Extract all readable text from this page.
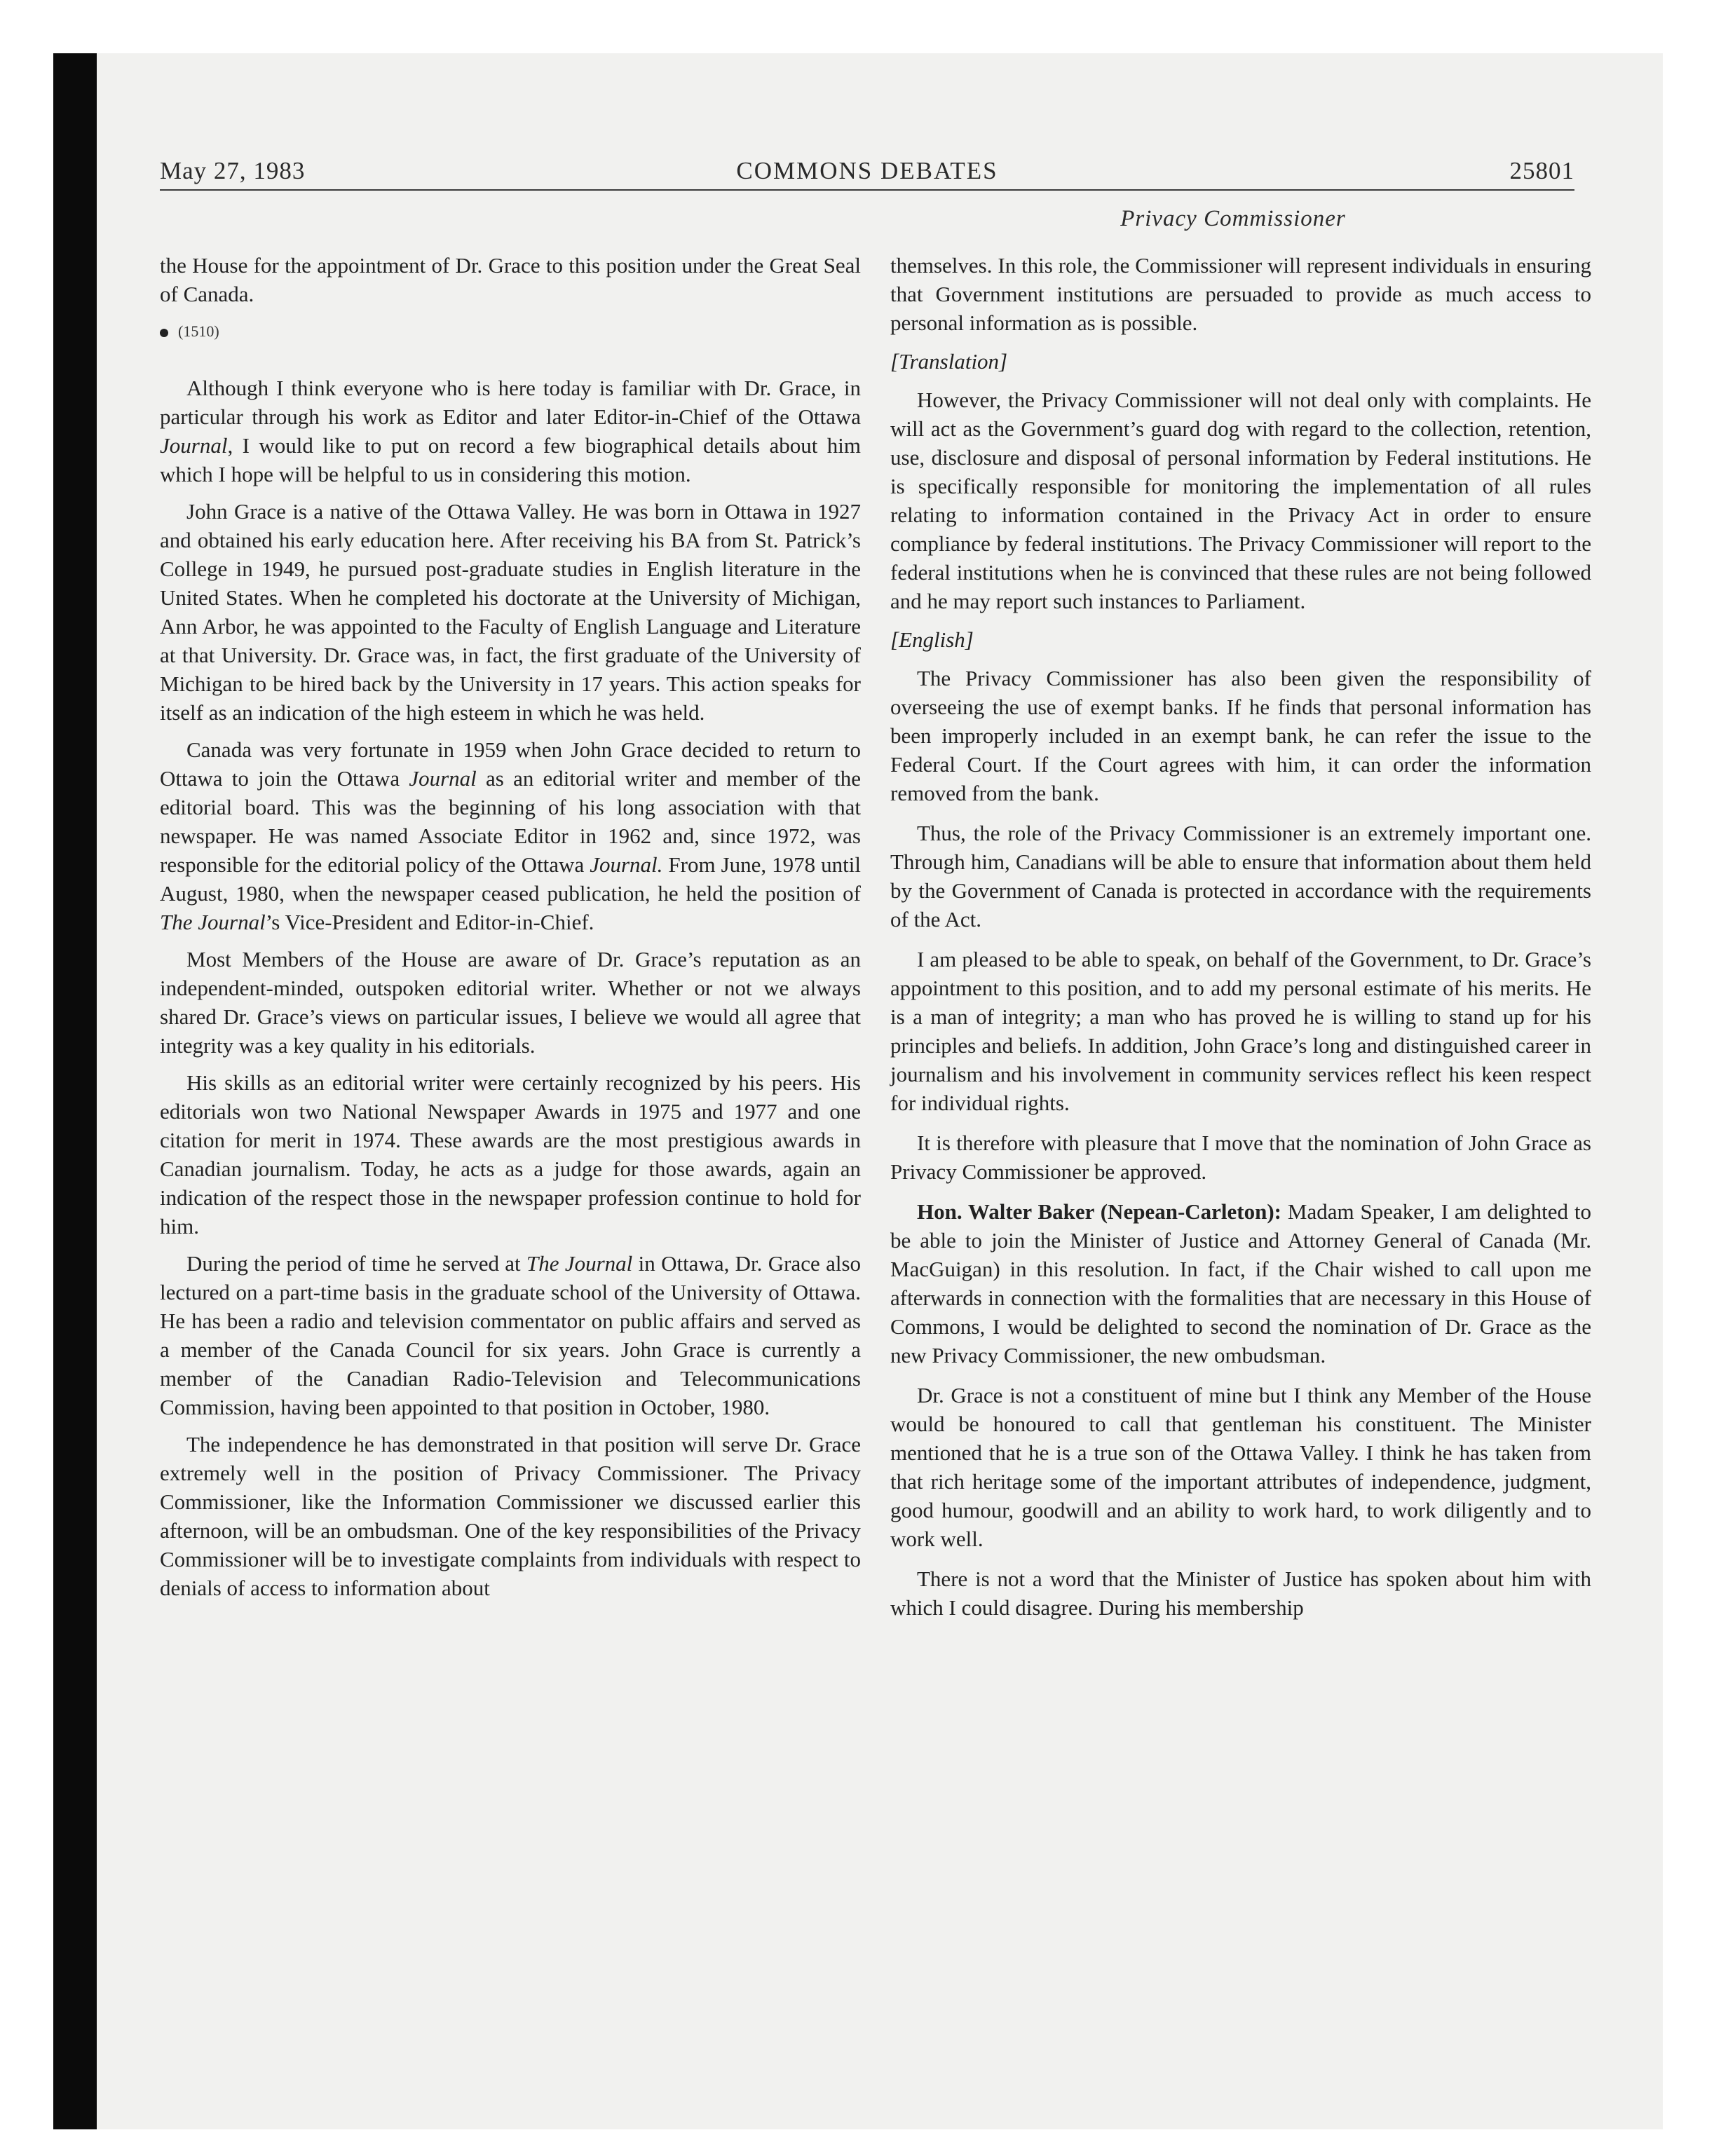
May 27, 1983	COMMONS DEBATES	25801
Privacy Commissioner

the House for the appointment of Dr. Grace to this position under the Great Seal of Canada.

(1510)

Although I think everyone who is here today is familiar with Dr. Grace, in particular through his work as Editor and later Editor-in-Chief of the Ottawa Journal, I would like to put on record a few biographical details about him which I hope will be helpful to us in considering this motion.

John Grace is a native of the Ottawa Valley. He was born in Ottawa in 1927 and obtained his early education here. After receiving his BA from St. Patrick’s College in 1949, he pursued post-graduate studies in English literature in the United States. When he completed his doctorate at the University of Michigan, Ann Arbor, he was appointed to the Faculty of English Language and Literature at that University. Dr. Grace was, in fact, the first graduate of the University of Michigan to be hired back by the University in 17 years. This action speaks for itself as an indication of the high esteem in which he was held.

Canada was very fortunate in 1959 when John Grace decided to return to Ottawa to join the Ottawa Journal as an editorial writer and member of the editorial board. This was the beginning of his long association with that newspaper. He was named Associate Editor in 1962 and, since 1972, was responsible for the editorial policy of the Ottawa Journal. From June, 1978 until August, 1980, when the newspaper ceased publication, he held the position of The Journal’s Vice-President and Editor-in-Chief.

Most Members of the House are aware of Dr. Grace’s reputation as an independent-minded, outspoken editorial writer. Whether or not we always shared Dr. Grace’s views on particular issues, I believe we would all agree that integrity was a key quality in his editorials.

His skills as an editorial writer were certainly recognized by his peers. His editorials won two National Newspaper Awards in 1975 and 1977 and one citation for merit in 1974. These awards are the most prestigious awards in Canadian journalism. Today, he acts as a judge for those awards, again an indication of the respect those in the newspaper profession continue to hold for him.

During the period of time he served at The Journal in Ottawa, Dr. Grace also lectured on a part-time basis in the graduate school of the University of Ottawa. He has been a radio and television commentator on public affairs and served as a member of the Canada Council for six years. John Grace is currently a member of the Canadian Radio-Television and Telecommunications Commission, having been appointed to that position in October, 1980.

The independence he has demonstrated in that position will serve Dr. Grace extremely well in the position of Privacy Commissioner. The Privacy Commissioner, like the Information Commissioner we discussed earlier this afternoon, will be an ombudsman. One of the key responsibilities of the Privacy Commissioner will be to investigate complaints from individuals with respect to denials of access to information about

themselves. In this role, the Commissioner will represent individuals in ensuring that Government institutions are persuaded to provide as much access to personal information as is possible.

[Translation]

However, the Privacy Commissioner will not deal only with complaints. He will act as the Government’s guard dog with regard to the collection, retention, use, disclosure and disposal of personal information by Federal institutions. He is specifically responsible for monitoring the implementation of all rules relating to information contained in the Privacy Act in order to ensure compliance by federal institutions. The Privacy Commissioner will report to the federal institutions when he is convinced that these rules are not being followed and he may report such instances to Parliament.

[English]

The Privacy Commissioner has also been given the responsibility of overseeing the use of exempt banks. If he finds that personal information has been improperly included in an exempt bank, he can refer the issue to the Federal Court. If the Court agrees with him, it can order the information removed from the bank.

Thus, the role of the Privacy Commissioner is an extremely important one. Through him, Canadians will be able to ensure that information about them held by the Government of Canada is protected in accordance with the requirements of the Act.

I am pleased to be able to speak, on behalf of the Government, to Dr. Grace’s appointment to this position, and to add my personal estimate of his merits. He is a man of integrity; a man who has proved he is willing to stand up for his principles and beliefs. In addition, John Grace’s long and distinguished career in journalism and his involvement in community services reflect his keen respect for individual rights.

It is therefore with pleasure that I move that the nomination of John Grace as Privacy Commissioner be approved.

Hon. Walter Baker (Nepean-Carleton): Madam Speaker, I am delighted to be able to join the Minister of Justice and Attorney General of Canada (Mr. MacGuigan) in this resolution. In fact, if the Chair wished to call upon me afterwards in connection with the formalities that are necessary in this House of Commons, I would be delighted to second the nomination of Dr. Grace as the new Privacy Commissioner, the new ombudsman.

Dr. Grace is not a constituent of mine but I think any Member of the House would be honoured to call that gentleman his constituent. The Minister mentioned that he is a true son of the Ottawa Valley. I think he has taken from that rich heritage some of the important attributes of independence, judgment, good humour, goodwill and an ability to work hard, to work diligently and to work well.

There is not a word that the Minister of Justice has spoken about him with which I could disagree. During his membership
